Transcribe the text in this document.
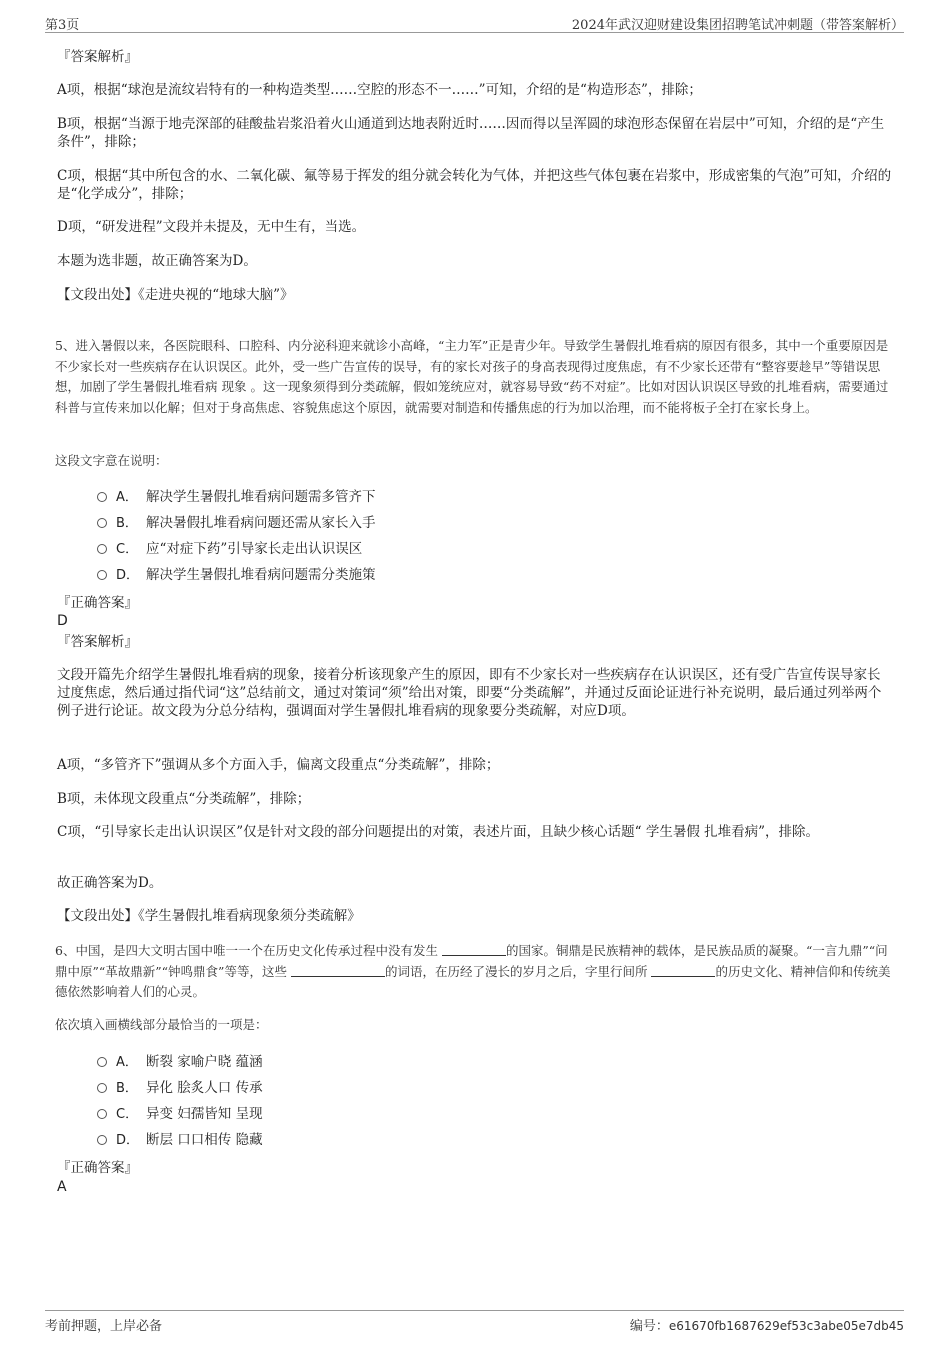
第3页	2024年武汉迎财建设集团招聘笔试冲刺题（带答案解析）
『答案解析』
A项，根据“球泡是流纹岩特有的一种构造类型……空腔的形态不一……”可知，介绍的是“构造形态”，排除；
B项，根据“当源于地壳深部的硅酸盐岩浆沿着火山通道到达地表附近时……因而得以呈浑圆的球泡形态保留在岩层中”可知，介绍的是“产生条件”，排除；
C项，根据“其中所包含的水、二氧化碳、氟等易于挥发的组分就会转化为气体，并把这些气体包裹在岩浆中，形成密集的气泡”可知，介绍的是“化学成分”，排除；
D项，“研发进程”文段并未提及，无中生有，当选。
本题为选非题，故正确答案为D。
【文段出处】《走进央视的“地球大脑”》
5、进入暑假以来，各医院眼科、口腔科、内分泌科迎来就诊小高峰，“主力军”正是青少年。导致学生暑假扎堆看病的原因有很多，其中一个重要原因是不少家长对一些疾病存在认识误区。此外，受一些广告宣传的误导，有的家长对孩子的身高表现得过度焦虑，有不少家长还带有“整容要趁早”等错误思想，加剧了学生暑假扎堆看病 现象 。这一现象须得到分类疏解，假如笼统应对，就容易导致“药不对症”。比如对因认识误区导致的扎堆看病，需要通过科普与宣传来加以化解；但对于身高焦虑、容貌焦虑这个原因，就需要对制造和传播焦虑的行为加以治理，而不能将板子全打在家长身上。
这段文字意在说明：
A． 解决学生暑假扎堆看病问题需多管齐下
B． 解决暑假扎堆看病问题还需从家长入手
C． 应“对症下药”引导家长走出认识误区
D． 解决学生暑假扎堆看病问题需分类施策
『正确答案』
D
『答案解析』
文段开篇先介绍学生暑假扎堆看病的现象，接着分析该现象产生的原因，即有不少家长对一些疾病存在认识误区，还有受广告宣传误导家长过度焦虑，然后通过指代词“这”总结前文，通过对策词“须”给出对策，即要“分类疏解”，并通过反面论证进行补充说明，最后通过列举两个例子进行论证。故文段为分总分结构，强调面对学生暑假扎堆看病的现象要分类疏解，对应D项。
A项，“多管齐下”强调从多个方面入手，偏离文段重点“分类疏解”，排除；
B项，未体现文段重点“分类疏解”，排除；
C项，“引导家长走出认识误区”仅是针对文段的部分问题提出的对策，表述片面，且缺少核心话题“ 学生暑假 扎堆看病”，排除。
故正确答案为D。
【文段出处】《学生暑假扎堆看病现象须分类疏解》
6、中国，是四大文明古国中唯一一个在历史文化传承过程中没有发生	的国家。铜鼎是民族精神的载体，是民族品质的凝聚。“一言九鼎”“问鼎中原”“革故鼎新”“钟鸣鼎食”等等，这些	的词语，在历经了漫长的岁月之后，字里行间所	的历史文化、精神信仰和传统美德依然影响着人们的心灵。
依次填入画横线部分最恰当的一项是：
A． 断裂 家喻户晓 蕴涵
B． 异化 脍炙人口 传承
C． 异变 妇孺皆知 呈现
D． 断层 口口相传 隐藏
『正确答案』
A
考前押题，上岸必备	编号：e61670fb1687629ef53c3abe05e7db45
